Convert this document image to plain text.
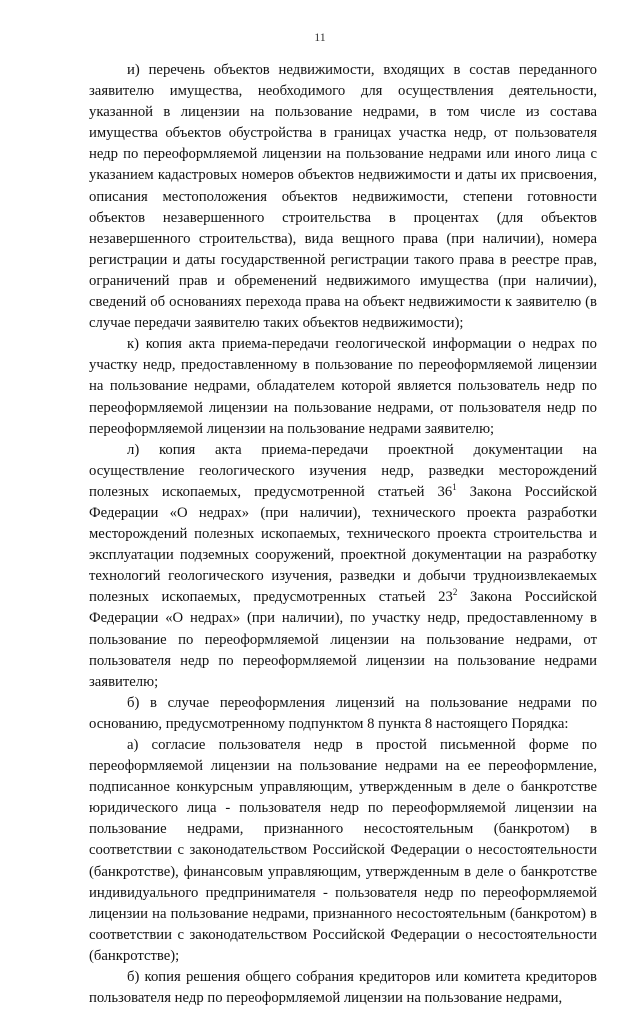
11

и) перечень объектов недвижимости, входящих в состав переданного заявителю имущества, необходимого для осуществления деятельности, указанной в лицензии на пользование недрами, в том числе из состава имущества объектов обустройства в границах участка недр, от пользователя недр по переоформляемой лицензии на пользование недрами или иного лица с указанием кадастровых номеров объектов недвижимости и даты их присвоения, описания местоположения объектов недвижимости, степени готовности объектов незавершенного строительства в процентах (для объектов незавершенного строительства), вида вещного права (при наличии), номера регистрации и даты государственной регистрации такого права в реестре прав, ограничений прав и обременений недвижимого имущества (при наличии), сведений об основаниях перехода права на объект недвижимости к заявителю (в случае передачи заявителю таких объектов недвижимости);

к) копия акта приема-передачи геологической информации о недрах по участку недр, предоставленному в пользование по переоформляемой лицензии на пользование недрами, обладателем которой является пользователь недр по переоформляемой лицензии на пользование недрами, от пользователя недр по переоформляемой лицензии на пользование недрами заявителю;

л) копия акта приема-передачи проектной документации на осуществление геологического изучения недр, разведки месторождений полезных ископаемых, предусмотренной статьей $36^1$ Закона Российской Федерации «О недрах» (при наличии), технического проекта разработки месторождений полезных ископаемых, технического проекта строительства и эксплуатации подземных сооружений, проектной документации на разработку технологий геологического изучения, разведки и добычи трудноизвлекаемых полезных ископаемых, предусмотренных статьей $23^2$ Закона Российской Федерации «О недрах» (при наличии), по участку недр, предоставленному в пользование по переоформляемой лицензии на пользование недрами, от пользователя недр по переоформляемой лицензии на пользование недрами заявителю;

б) в случае переоформления лицензий на пользование недрами по основанию, предусмотренному подпунктом 8 пункта 8 настоящего Порядка:

а) согласие пользователя недр в простой письменной форме по переоформляемой лицензии на пользование недрами на ее переоформление, подписанное конкурсным управляющим, утвержденным в деле о банкротстве юридического лица - пользователя недр по переоформляемой лицензии на пользование недрами, признанного несостоятельным (банкротом) в соответствии с законодательством Российской Федерации о несостоятельности (банкротстве), финансовым управляющим, утвержденным в деле о банкротстве индивидуального предпринимателя - пользователя недр по переоформляемой лицензии на пользование недрами, признанного несостоятельным (банкротом) в соответствии с законодательством Российской Федерации о несостоятельности (банкротстве);

б) копия решения общего собрания кредиторов или комитета кредиторов пользователя недр по переоформляемой лицензии на пользование недрами,
